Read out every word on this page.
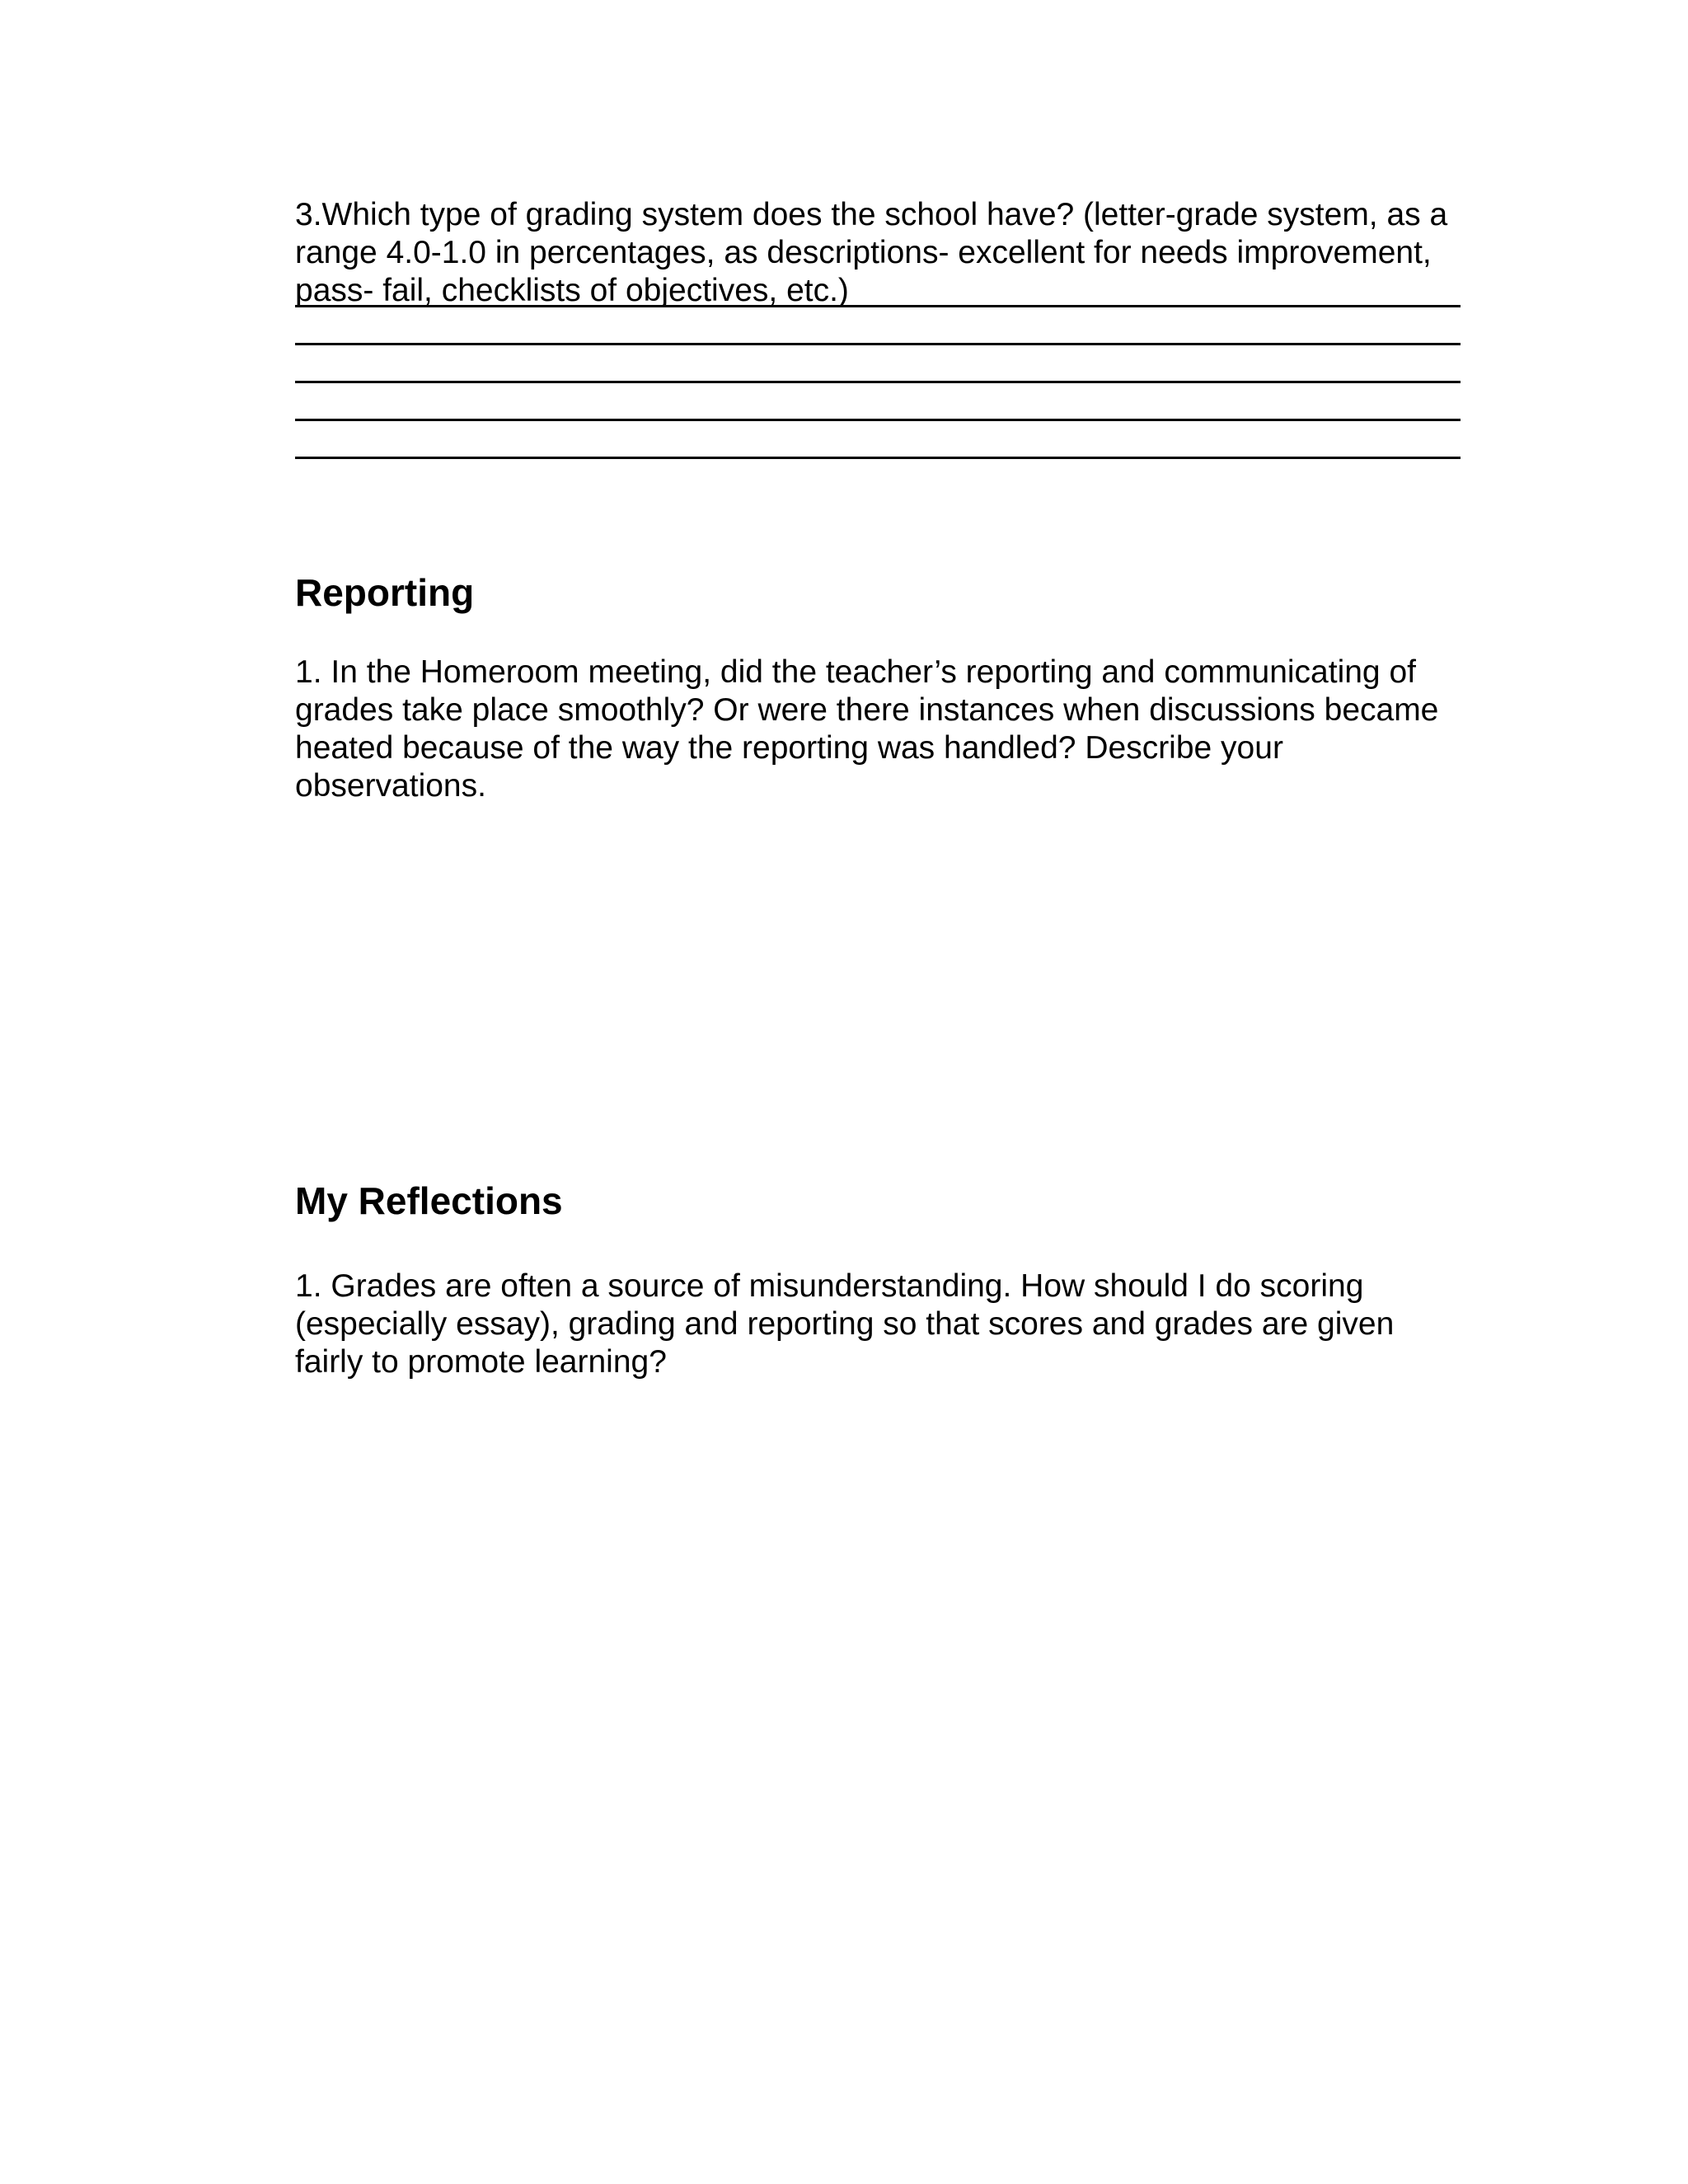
3.Which type of grading system does the school have? (letter-grade system, as a
range 4.0-1.0 in percentages, as descriptions- excellent for needs improvement,
pass- fail, checklists of objectives, etc.)

Reporting

1. In the Homeroom meeting, did the teacher’s reporting and communicating of
grades take place smoothly? Or were there instances when discussions became
heated because of the way the reporting was handled? Describe your
observations.

My Reflections

1. Grades are often a source of misunderstanding. How should I do scoring
(especially essay), grading and reporting so that scores and grades are given
fairly to promote learning?
